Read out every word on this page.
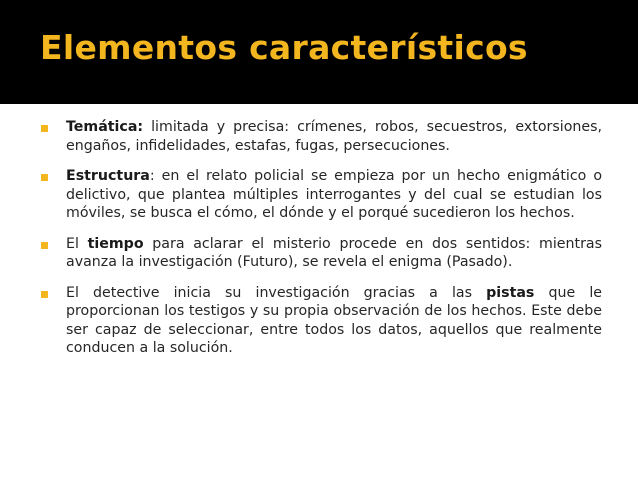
Elementos característicos
Temática: limitada y precisa: crímenes, robos, secuestros, extorsiones, engaños, infidelidades, estafas, fugas, persecuciones.
Estructura: en el relato policial se empieza por un hecho enigmático o delictivo, que plantea múltiples interrogantes y del cual se estudian los móviles, se busca el cómo, el dónde y el porqué sucedieron los hechos.
El tiempo para aclarar el misterio procede en dos sentidos: mientras avanza la investigación (Futuro), se revela el enigma (Pasado).
El detective inicia su investigación gracias a las pistas que le proporcionan los testigos y su propia observación de los hechos. Este debe ser capaz de seleccionar, entre todos los datos, aquellos que realmente conducen a la solución.
